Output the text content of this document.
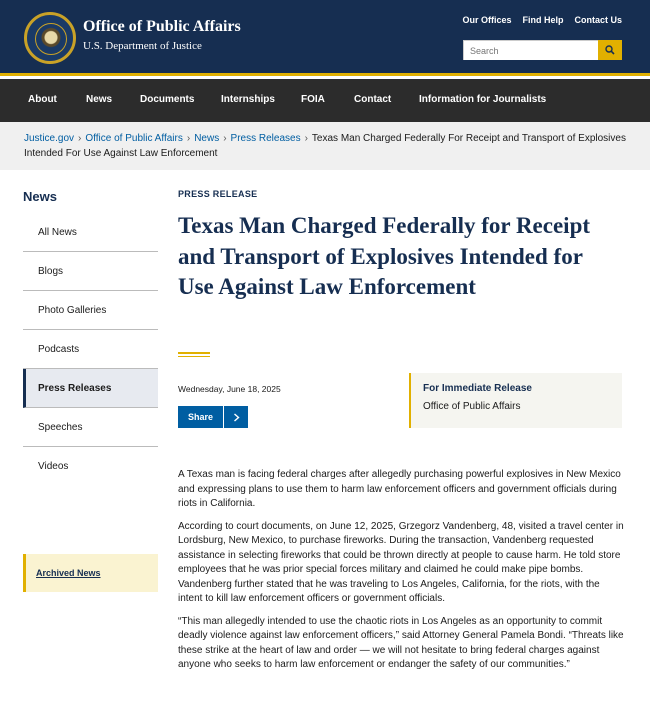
Office of Public Affairs
U.S. Department of Justice
Our Offices Find Help Contact Us
Search
About	News	Documents	Internships	FOIA	Contact	Information for Journalists
Justice.gov › Office of Public Affairs › News › Press Releases › Texas Man Charged Federally For Receipt and Transport of Explosives Intended For Use Against Law Enforcement
News
All News
Blogs
Photo Galleries
Podcasts
Press Releases
Speeches
Videos
Archived News
PRESS RELEASE
Texas Man Charged Federally for Receipt and Transport of Explosives Intended for Use Against Law Enforcement
Wednesday, June 18, 2025
Share
For Immediate Release
Office of Public Affairs

A Texas man is facing federal charges after allegedly purchasing powerful explosives in New Mexico and expressing plans to use them to harm law enforcement officers and government officials during riots in California.

According to court documents, on June 12, 2025, Grzegorz Vandenberg, 48, visited a travel center in Lordsburg, New Mexico, to purchase fireworks. During the transaction, Vandenberg requested assistance in selecting fireworks that could be thrown directly at people to cause harm. He told store employees that he was prior special forces military and claimed he could make pipe bombs. Vandenberg further stated that he was traveling to Los Angeles, California, for the riots, with the intent to kill law enforcement officers or government officials.

“This man allegedly intended to use the chaotic riots in Los Angeles as an opportunity to commit deadly violence against law enforcement officers,” said Attorney General Pamela Bondi. “Threats like these strike at the heart of law and order — we will not hesitate to bring federal charges against anyone who seeks to harm law enforcement or endanger the safety of our communities.”
